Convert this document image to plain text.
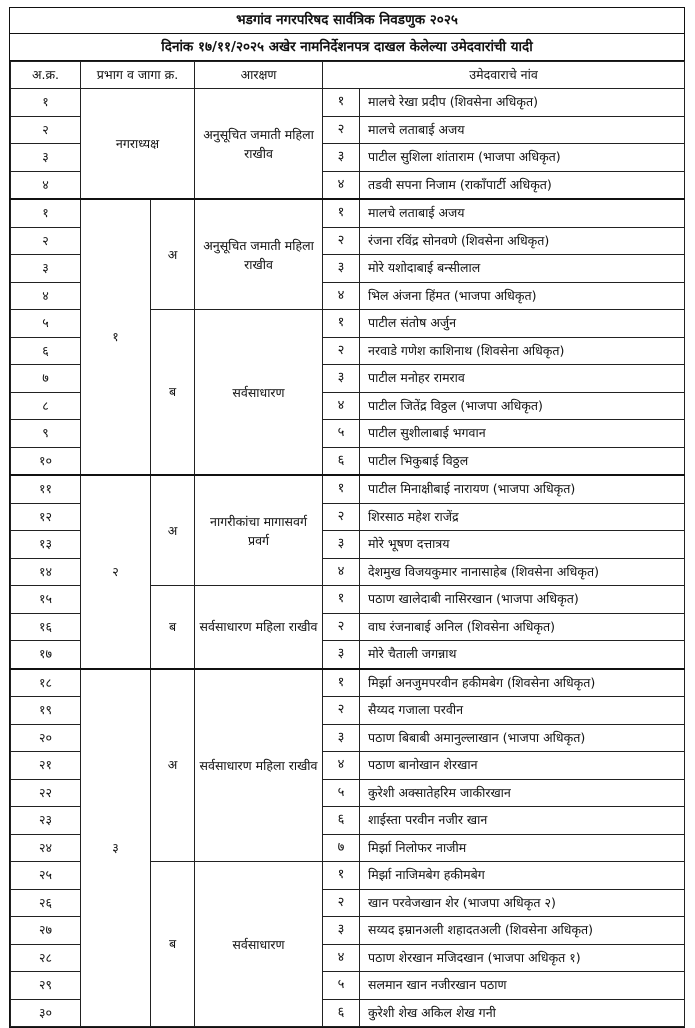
भडगांव नगरपरिषद सार्वत्रिक निवडणुक २०२५
दिनांक १७/११/२०२५ अखेर नामनिर्देशनपत्र दाखल केलेल्या उमेदवारांची यादी
अ.क्र.	प्रभाग व जागा क्र.		आरक्षण	उमेदवाराचे नांव	
१	नगराध्यक्ष		अनुसूचित जमाती महिला राखीव	१	मालचे रेखा प्रदीप (शिवसेना अधिकृत)
२				२	मालचे लताबाई अजय
३				३	पाटील सुशिला शांताराम (भाजपा अधिकृत)
४				४	तडवी सपना निजाम (राकाँपार्टी अधिकृत)
१	१	अ	अनुसूचित जमाती महिला राखीव	१	मालचे लताबाई अजय
२				२	रंजना रविंद्र सोनवणे (शिवसेना अधिकृत)
३				३	मोरे यशोदाबाई बन्सीलाल
४				४	भिल अंजना हिंमत (भाजपा अधिकृत)
५		ब	सर्वसाधारण	१	पाटील संतोष अर्जुन
६				२	नरवाडे गणेश काशिनाथ (शिवसेना अधिकृत)
७				३	पाटील मनोहर रामराव
८				४	पाटील जितेंद्र विठ्ठल (भाजपा अधिकृत)
९				५	पाटील सुशीलाबाई भगवान
१०				६	पाटील भिकुबाई विठ्ठल
११	२	अ	नागरीकांचा मागासवर्ग प्रवर्ग	१	पाटील मिनाक्षीबाई नारायण (भाजपा अधिकृत)
१२				२	शिरसाठ महेश राजेंद्र
१३				३	मोरे भूषण दत्तात्रय
१४				४	देशमुख विजयकुमार नानासाहेब (शिवसेना अधिकृत)
१५		ब	सर्वसाधारण महिला राखीव	१	पठाण खालेदाबी नासिरखान (भाजपा अधिकृत)
१६				२	वाघ रंजनाबाई अनिल (शिवसेना अधिकृत)
१७				३	मोरे चैताली जगन्नाथ
१८	३	अ	सर्वसाधारण महिला राखीव	१	मिर्झा अनजुमपरवीन हकीमबेग (शिवसेना अधिकृत)
१९				२	सैय्यद गजाला परवीन
२०				३	पठाण बिबाबी अमानुल्लाखान (भाजपा अधिकृत)
२१				४	पठाण बानोखान शेरखान
२२				५	कुरेशी अक्सातेहरिम जाकीरखान
२३				६	शाईस्ता परवीन नजीर खान
२४				७	मिर्झा निलोफर नाजीम
२५		ब	सर्वसाधारण	१	मिर्झा नाजिमबेग हकीमबेग
२६				२	खान परवेजखान शेर (भाजपा अधिकृत २)
२७				३	सय्यद इम्रानअली शहादतअली (शिवसेना अधिकृत)
२८				४	पठाण शेरखान मजिदखान (भाजपा अधिकृत १)
२९				५	सलमान खान नजीरखान पठाण
३०				६	कुरेशी शेख अकिल शेख गनी
